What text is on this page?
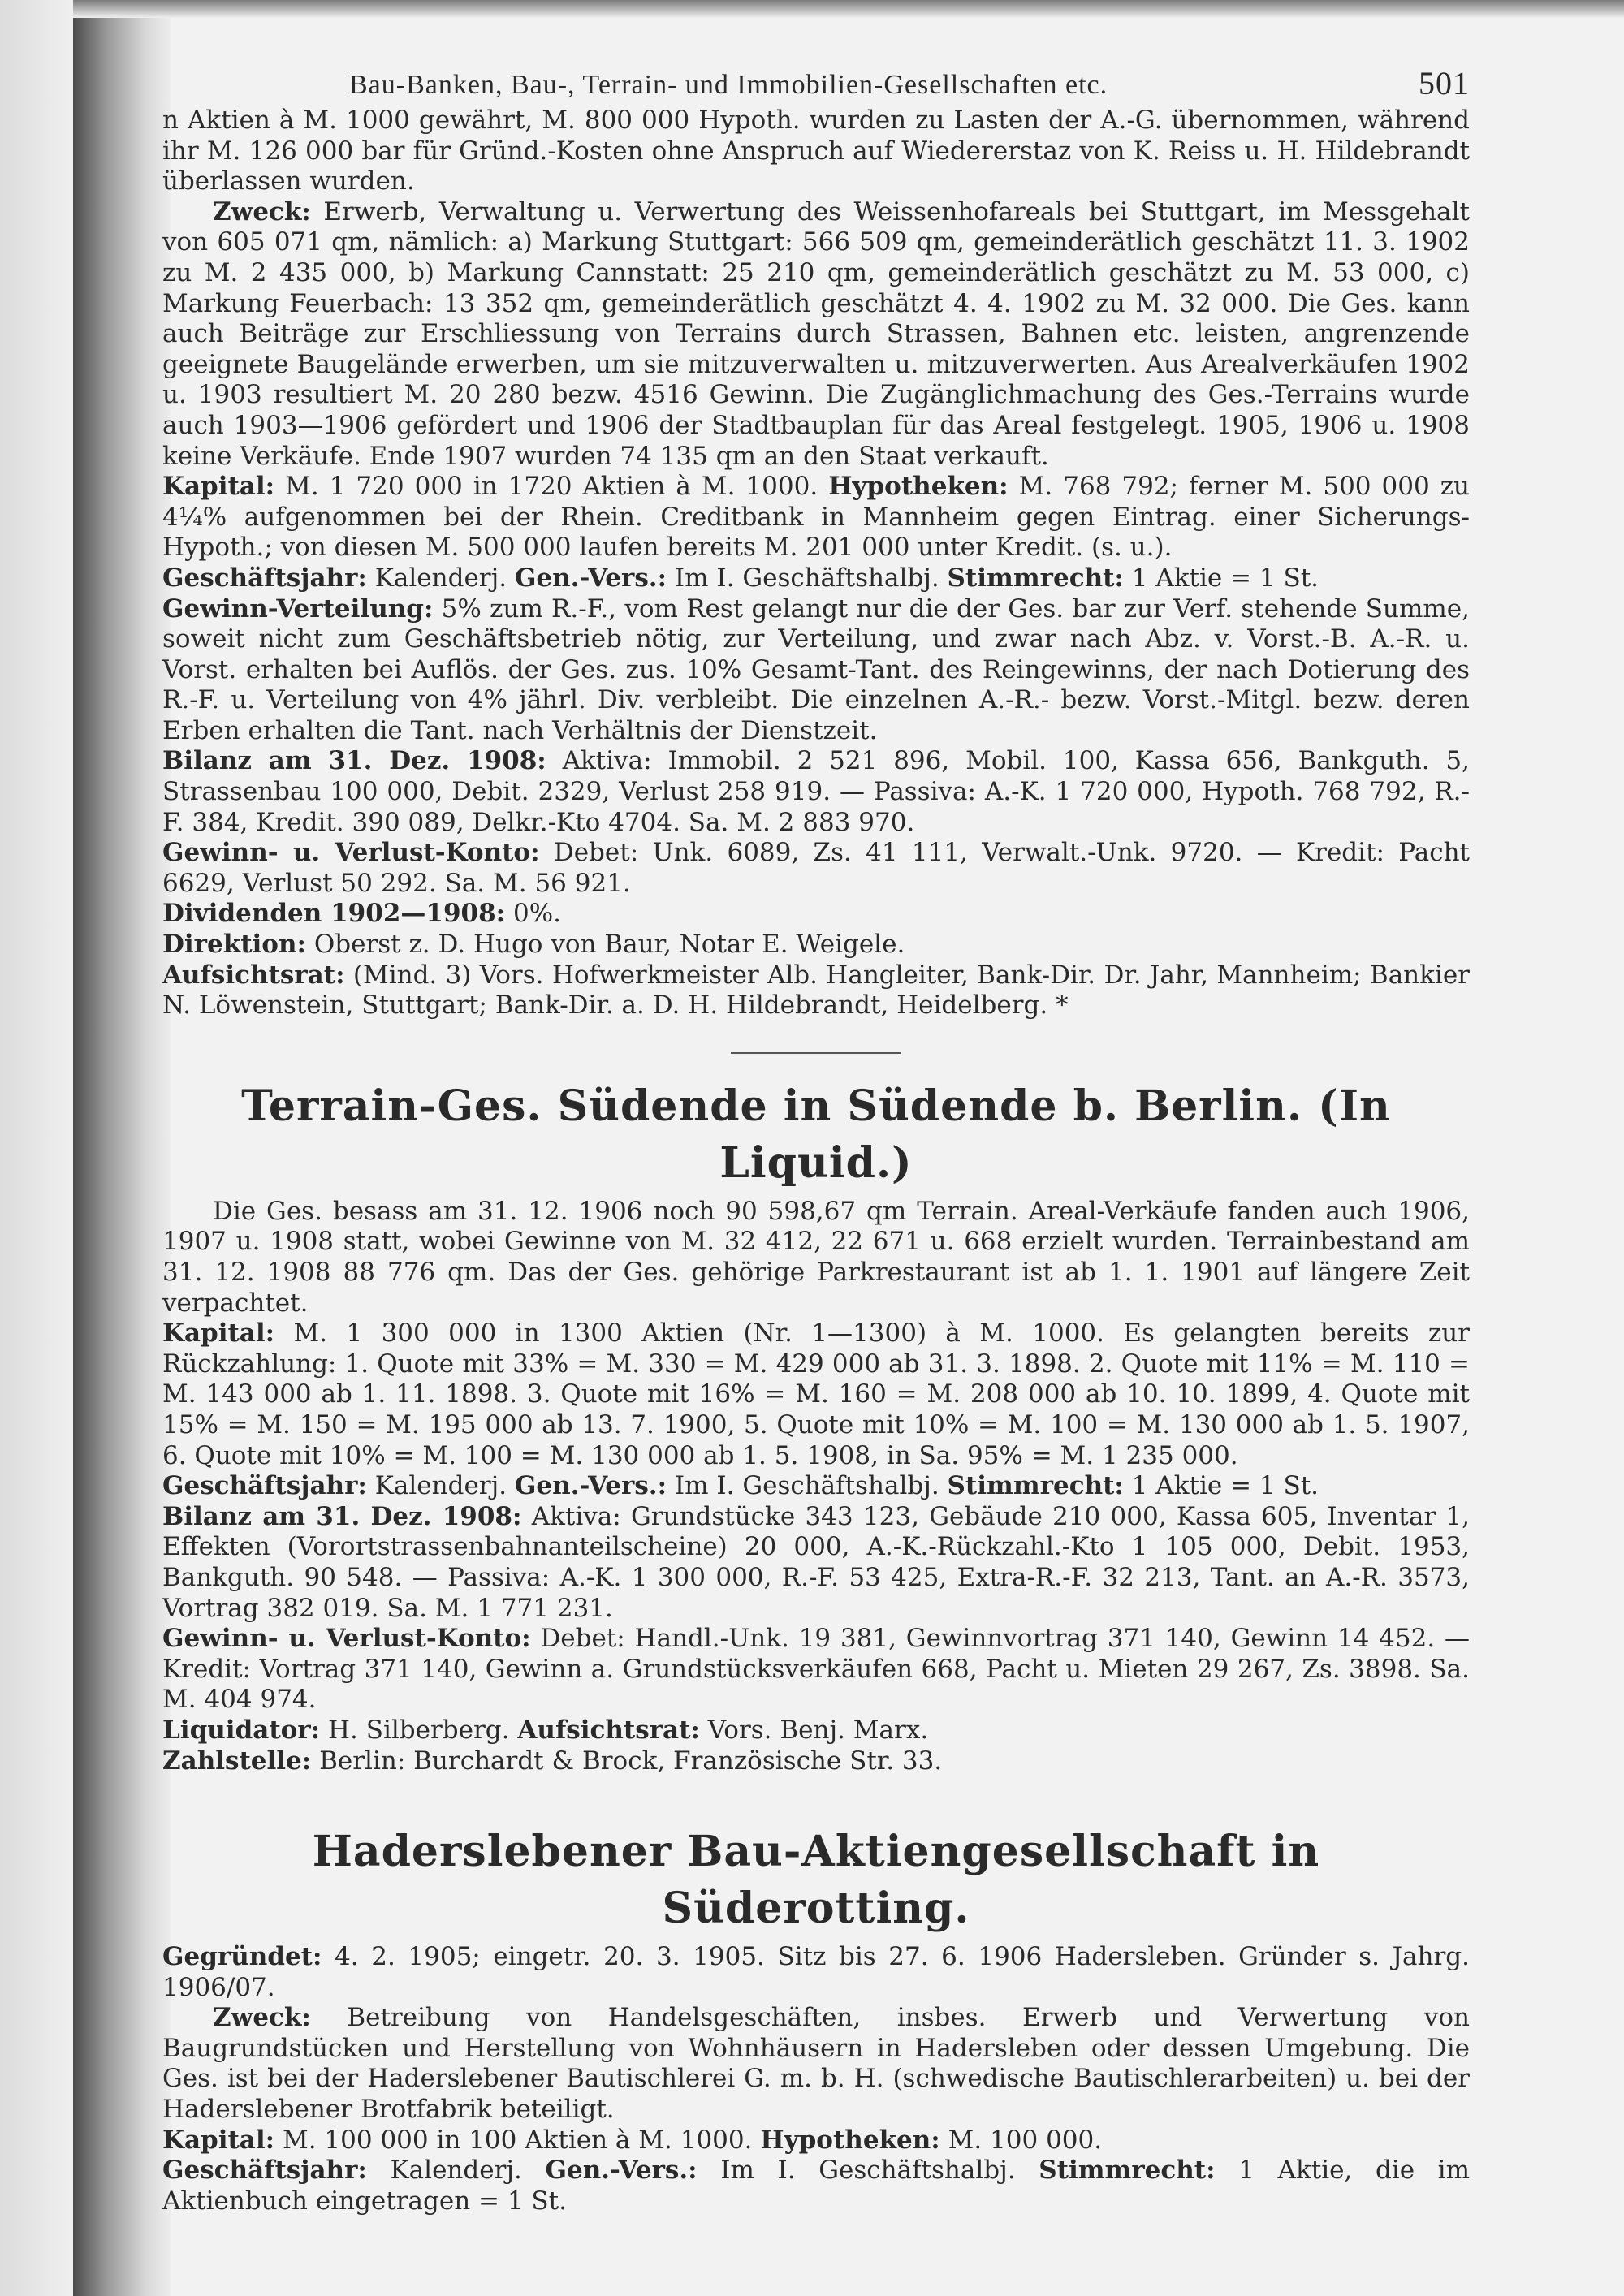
Bau-Banken, Bau-, Terrain- und Immobilien-Gesellschaften etc.	501

n Aktien à M. 1000 gewährt, M. 800 000 Hypoth. wurden zu Lasten der A.-G. übernommen, während ihr M. 126 000 bar für Gründ.-Kosten ohne Anspruch auf Wiedererstaz von K. Reiss u. H. Hildebrandt überlassen wurden.

Zweck: Erwerb, Verwaltung u. Verwertung des Weissenhofareals bei Stuttgart, im Messgehalt von 605 071 qm, nämlich: a) Markung Stuttgart: 566 509 qm, gemeinderätlich geschätzt 11. 3. 1902 zu M. 2 435 000, b) Markung Cannstatt: 25 210 qm, gemeinderätlich geschätzt zu M. 53 000, c) Markung Feuerbach: 13 352 qm, gemeinderätlich geschätzt 4. 4. 1902 zu M. 32 000. Die Ges. kann auch Beiträge zur Erschliessung von Terrains durch Strassen, Bahnen etc. leisten, angrenzende geeignete Baugelände erwerben, um sie mitzuverwalten u. mitzuverwerten. Aus Arealverkäufen 1902 u. 1903 resultiert M. 20 280 bezw. 4516 Gewinn. Die Zugänglichmachung des Ges.-Terrains wurde auch 1903—1906 gefördert und 1906 der Stadtbauplan für das Areal festgelegt. 1905, 1906 u. 1908 keine Verkäufe. Ende 1907 wurden 74 135 qm an den Staat verkauft.

Kapital: M. 1 720 000 in 1720 Aktien à M. 1000. Hypotheken: M. 768 792; ferner M. 500 000 zu 4¼% aufgenommen bei der Rhein. Creditbank in Mannheim gegen Eintrag. einer Sicherungs-Hypoth.; von diesen M. 500 000 laufen bereits M. 201 000 unter Kredit. (s. u.).

Geschäftsjahr: Kalenderj. Gen.-Vers.: Im I. Geschäftshalbj. Stimmrecht: 1 Aktie = 1 St.

Gewinn-Verteilung: 5% zum R.-F., vom Rest gelangt nur die der Ges. bar zur Verf. stehende Summe, soweit nicht zum Geschäftsbetrieb nötig, zur Verteilung, und zwar nach Abz. v. Vorst.-B. A.-R. u. Vorst. erhalten bei Auflös. der Ges. zus. 10% Gesamt-Tant. des Reingewinns, der nach Dotierung des R.-F. u. Verteilung von 4% jährl. Div. verbleibt. Die einzelnen A.-R.- bezw. Vorst.-Mitgl. bezw. deren Erben erhalten die Tant. nach Verhältnis der Dienstzeit.

Bilanz am 31. Dez. 1908: Aktiva: Immobil. 2 521 896, Mobil. 100, Kassa 656, Bankguth. 5, Strassenbau 100 000, Debit. 2329, Verlust 258 919. — Passiva: A.-K. 1 720 000, Hypoth. 768 792, R.-F. 384, Kredit. 390 089, Delkr.-Kto 4704. Sa. M. 2 883 970.

Gewinn- u. Verlust-Konto: Debet: Unk. 6089, Zs. 41 111, Verwalt.-Unk. 9720. — Kredit: Pacht 6629, Verlust 50 292. Sa. M. 56 921.

Dividenden 1902—1908: 0%.

Direktion: Oberst z. D. Hugo von Baur, Notar E. Weigele.

Aufsichtsrat: (Mind. 3) Vors. Hofwerkmeister Alb. Hangleiter, Bank-Dir. Dr. Jahr, Mannheim; Bankier N. Löwenstein, Stuttgart; Bank-Dir. a. D. H. Hildebrandt, Heidelberg. *

Terrain-Ges. Südende in Südende b. Berlin. (In Liquid.)

Die Ges. besass am 31. 12. 1906 noch 90 598,67 qm Terrain. Areal-Verkäufe fanden auch 1906, 1907 u. 1908 statt, wobei Gewinne von M. 32 412, 22 671 u. 668 erzielt wurden. Terrainbestand am 31. 12. 1908 88 776 qm. Das der Ges. gehörige Parkrestaurant ist ab 1. 1. 1901 auf längere Zeit verpachtet.

Kapital: M. 1 300 000 in 1300 Aktien (Nr. 1—1300) à M. 1000. Es gelangten bereits zur Rückzahlung: 1. Quote mit 33% = M. 330 = M. 429 000 ab 31. 3. 1898. 2. Quote mit 11% = M. 110 = M. 143 000 ab 1. 11. 1898. 3. Quote mit 16% = M. 160 = M. 208 000 ab 10. 10. 1899, 4. Quote mit 15% = M. 150 = M. 195 000 ab 13. 7. 1900, 5. Quote mit 10% = M. 100 = M. 130 000 ab 1. 5. 1907, 6. Quote mit 10% = M. 100 = M. 130 000 ab 1. 5. 1908, in Sa. 95% = M. 1 235 000.

Geschäftsjahr: Kalenderj. Gen.-Vers.: Im I. Geschäftshalbj. Stimmrecht: 1 Aktie = 1 St.

Bilanz am 31. Dez. 1908: Aktiva: Grundstücke 343 123, Gebäude 210 000, Kassa 605, Inventar 1, Effekten (Vorortstrassenbahnanteilscheine) 20 000, A.-K.-Rückzahl.-Kto 1 105 000, Debit. 1953, Bankguth. 90 548. — Passiva: A.-K. 1 300 000, R.-F. 53 425, Extra-R.-F. 32 213, Tant. an A.-R. 3573, Vortrag 382 019. Sa. M. 1 771 231.

Gewinn- u. Verlust-Konto: Debet: Handl.-Unk. 19 381, Gewinnvortrag 371 140, Gewinn 14 452. — Kredit: Vortrag 371 140, Gewinn a. Grundstücksverkäufen 668, Pacht u. Mieten 29 267, Zs. 3898. Sa. M. 404 974.

Liquidator: H. Silberberg. Aufsichtsrat: Vors. Benj. Marx.

Zahlstelle: Berlin: Burchardt & Brock, Französische Str. 33.

Haderslebener Bau-Aktiengesellschaft in Süderotting.

Gegründet: 4. 2. 1905; eingetr. 20. 3. 1905. Sitz bis 27. 6. 1906 Hadersleben. Gründer s. Jahrg. 1906/07.

Zweck: Betreibung von Handelsgeschäften, insbes. Erwerb und Verwertung von Baugrundstücken und Herstellung von Wohnhäusern in Hadersleben oder dessen Umgebung. Die Ges. ist bei der Haderslebener Bautischlerei G. m. b. H. (schwedische Bautischlerarbeiten) u. bei der Haderslebener Brotfabrik beteiligt.

Kapital: M. 100 000 in 100 Aktien à M. 1000. Hypotheken: M. 100 000.

Geschäftsjahr: Kalenderj. Gen.-Vers.: Im I. Geschäftshalbj. Stimmrecht: 1 Aktie, die im Aktienbuch eingetragen = 1 St.
